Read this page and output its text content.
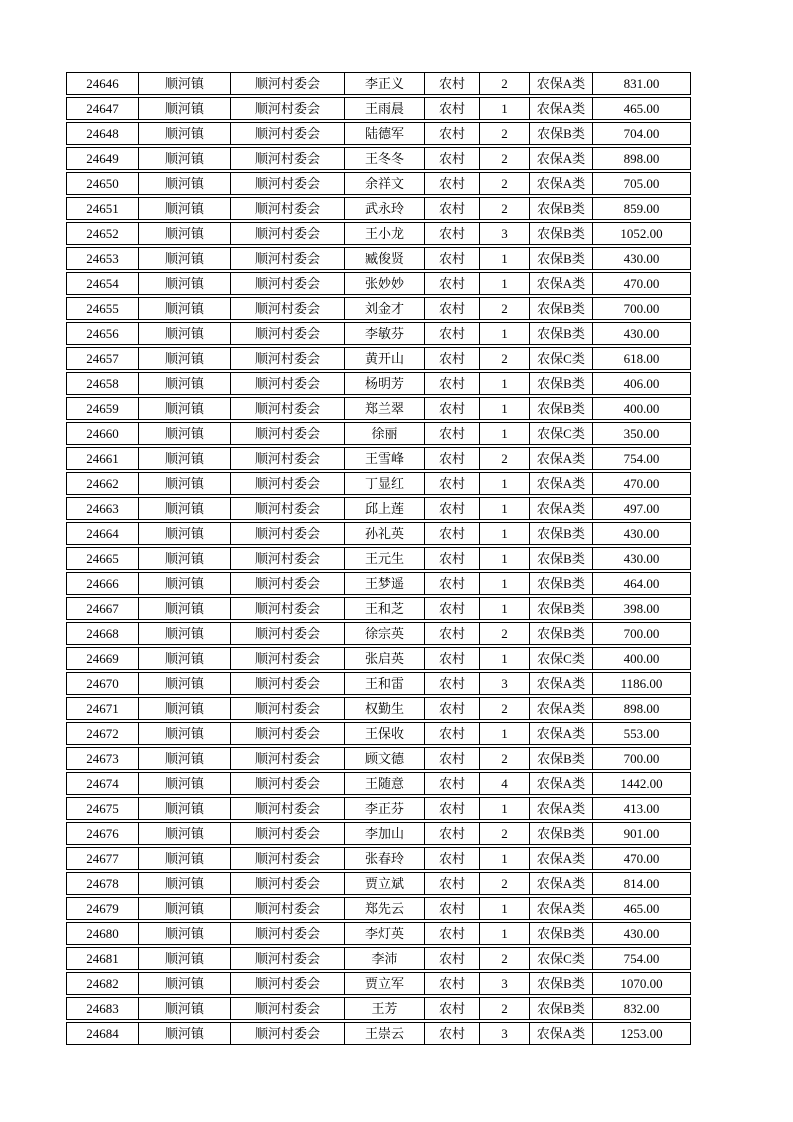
24646	顺河镇	顺河村委会	李正义	农村	2	农保A类	831.00
24647	顺河镇	顺河村委会	王雨晨	农村	1	农保A类	465.00
24648	顺河镇	顺河村委会	陆德军	农村	2	农保B类	704.00
24649	顺河镇	顺河村委会	王冬冬	农村	2	农保A类	898.00
24650	顺河镇	顺河村委会	余祥文	农村	2	农保A类	705.00
24651	顺河镇	顺河村委会	武永玲	农村	2	农保B类	859.00
24652	顺河镇	顺河村委会	王小龙	农村	3	农保B类	1052.00
24653	顺河镇	顺河村委会	臧俊贤	农村	1	农保B类	430.00
24654	顺河镇	顺河村委会	张妙妙	农村	1	农保A类	470.00
24655	顺河镇	顺河村委会	刘金才	农村	2	农保B类	700.00
24656	顺河镇	顺河村委会	李敏芬	农村	1	农保B类	430.00
24657	顺河镇	顺河村委会	黄开山	农村	2	农保C类	618.00
24658	顺河镇	顺河村委会	杨明芳	农村	1	农保B类	406.00
24659	顺河镇	顺河村委会	郑兰翠	农村	1	农保B类	400.00
24660	顺河镇	顺河村委会	徐丽	农村	1	农保C类	350.00
24661	顺河镇	顺河村委会	王雪峰	农村	2	农保A类	754.00
24662	顺河镇	顺河村委会	丁显红	农村	1	农保A类	470.00
24663	顺河镇	顺河村委会	邱上莲	农村	1	农保A类	497.00
24664	顺河镇	顺河村委会	孙礼英	农村	1	农保B类	430.00
24665	顺河镇	顺河村委会	王元生	农村	1	农保B类	430.00
24666	顺河镇	顺河村委会	王梦遥	农村	1	农保B类	464.00
24667	顺河镇	顺河村委会	王和芝	农村	1	农保B类	398.00
24668	顺河镇	顺河村委会	徐宗英	农村	2	农保B类	700.00
24669	顺河镇	顺河村委会	张启英	农村	1	农保C类	400.00
24670	顺河镇	顺河村委会	王和雷	农村	3	农保A类	1186.00
24671	顺河镇	顺河村委会	权勤生	农村	2	农保A类	898.00
24672	顺河镇	顺河村委会	王保收	农村	1	农保A类	553.00
24673	顺河镇	顺河村委会	顾文德	农村	2	农保B类	700.00
24674	顺河镇	顺河村委会	王随意	农村	4	农保A类	1442.00
24675	顺河镇	顺河村委会	李正芬	农村	1	农保A类	413.00
24676	顺河镇	顺河村委会	李加山	农村	2	农保B类	901.00
24677	顺河镇	顺河村委会	张春玲	农村	1	农保A类	470.00
24678	顺河镇	顺河村委会	贾立斌	农村	2	农保A类	814.00
24679	顺河镇	顺河村委会	郑先云	农村	1	农保A类	465.00
24680	顺河镇	顺河村委会	李灯英	农村	1	农保B类	430.00
24681	顺河镇	顺河村委会	李沛	农村	2	农保C类	754.00
24682	顺河镇	顺河村委会	贾立军	农村	3	农保B类	1070.00
24683	顺河镇	顺河村委会	王芳	农村	2	农保B类	832.00
24684	顺河镇	顺河村委会	王崇云	农村	3	农保A类	1253.00
